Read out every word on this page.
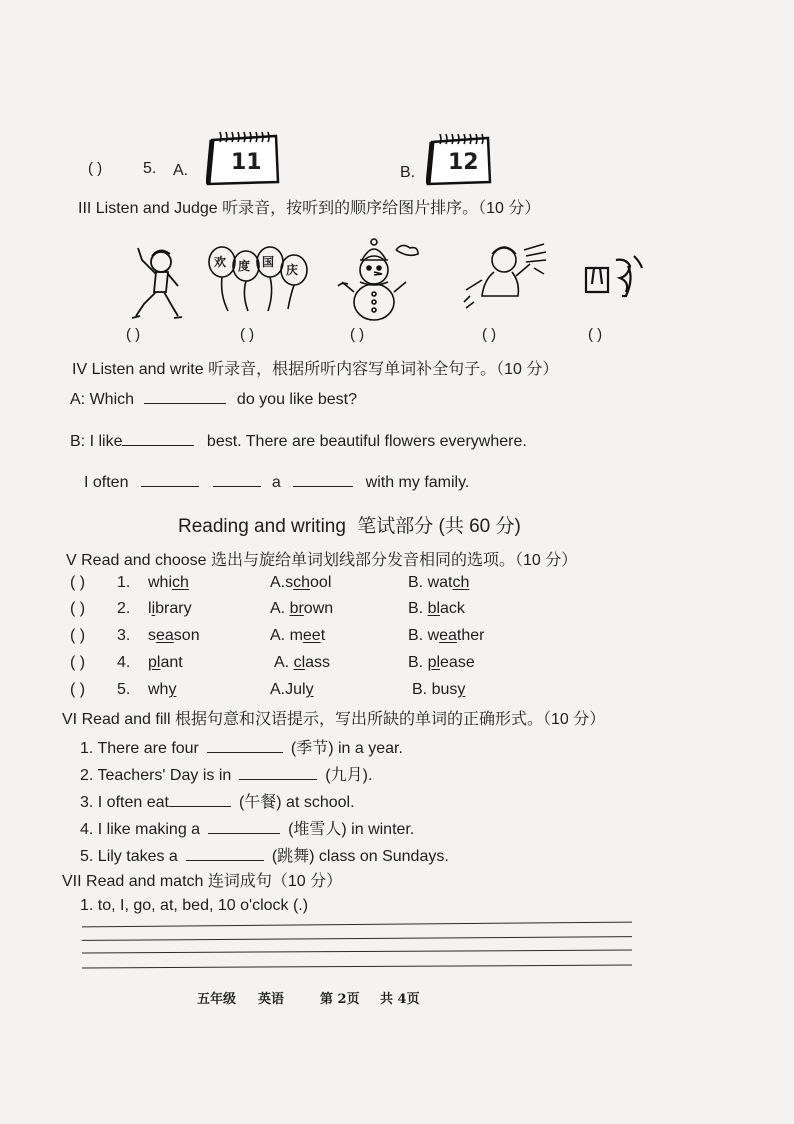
( )	5. A. 11	B. 12
III Listen and Judge 听录音，按听到的顺序给图片排序。（10 分）
欢 度 国
庆
( )	( )	( )	( )	( )
IV Listen and write 听录音，根据所听内容写单词补全句子。（10 分）
A: Which	do you like best?
B: I like	best. There are beautiful flowers everywhere.
I often	a	with my family.
Reading and writing 笔试部分 (共 60 分)
V Read and choose 选出与旋给单词划线部分发音相同的选项。（10 分）
( ) 1. which	A.school	B. watch
( ) 2. library	A. brown	B. black
( ) 3. season	A. meet	B. weather
( ) 4. plant	A. class	B. please
( ) 5. why	A.July	B. busy
VI Read and fill 根据句意和汉语提示，写出所缺的单词的正确形式。（10 分）
1. There are four	(季节) in a year.
2. Teachers' Day is in	(九月).
3. I often eat	(午餐) at school.
4. I like making a	(堆雪人) in winter.
5. Lily takes a	(跳舞) class on Sundays.
VII Read and match 连词成句（10 分）
1. to, I, go, at, bed, 10 o'clock (.)
五年级 英语	第 2页 共 4页
